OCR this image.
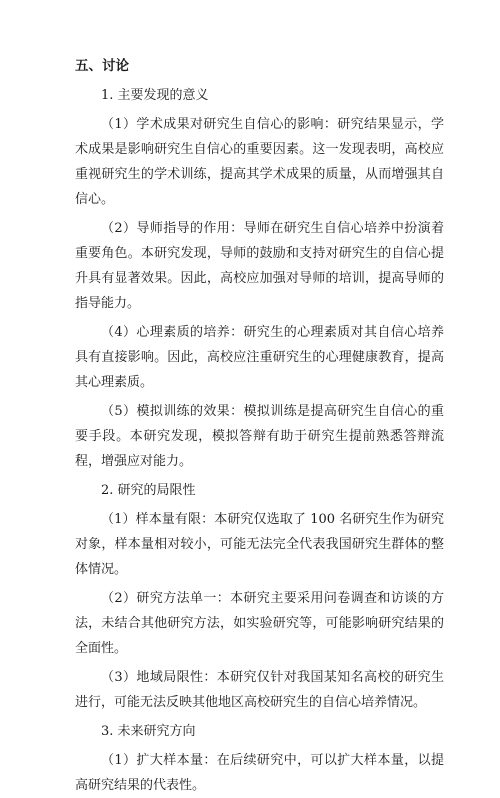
五、讨论
1. 主要发现的意义

（1）学术成果对研究生自信心的影响：研究结果显示，学术成果是影响研究生自信心的重要因素。这一发现表明，高校应重视研究生的学术训练，提高其学术成果的质量，从而增强其自信心。

（2）导师指导的作用：导师在研究生自信心培养中扮演着重要角色。本研究发现，导师的鼓励和支持对研究生的自信心提升具有显著效果。因此，高校应加强对导师的培训，提高导师的指导能力。

（4）心理素质的培养：研究生的心理素质对其自信心培养具有直接影响。因此，高校应注重研究生的心理健康教育，提高其心理素质。

（5）模拟训练的效果：模拟训练是提高研究生自信心的重要手段。本研究发现，模拟答辩有助于研究生提前熟悉答辩流程，增强应对能力。

2. 研究的局限性

（1）样本量有限：本研究仅选取了 100 名研究生作为研究对象，样本量相对较小，可能无法完全代表我国研究生群体的整体情况。

（2）研究方法单一：本研究主要采用问卷调查和访谈的方法，未结合其他研究方法，如实验研究等，可能影响研究结果的全面性。

（3）地域局限性：本研究仅针对我国某知名高校的研究生进行，可能无法反映其他地区高校研究生的自信心培养情况。

3. 未来研究方向

（1）扩大样本量：在后续研究中，可以扩大样本量，以提高研究结果的代表性。
